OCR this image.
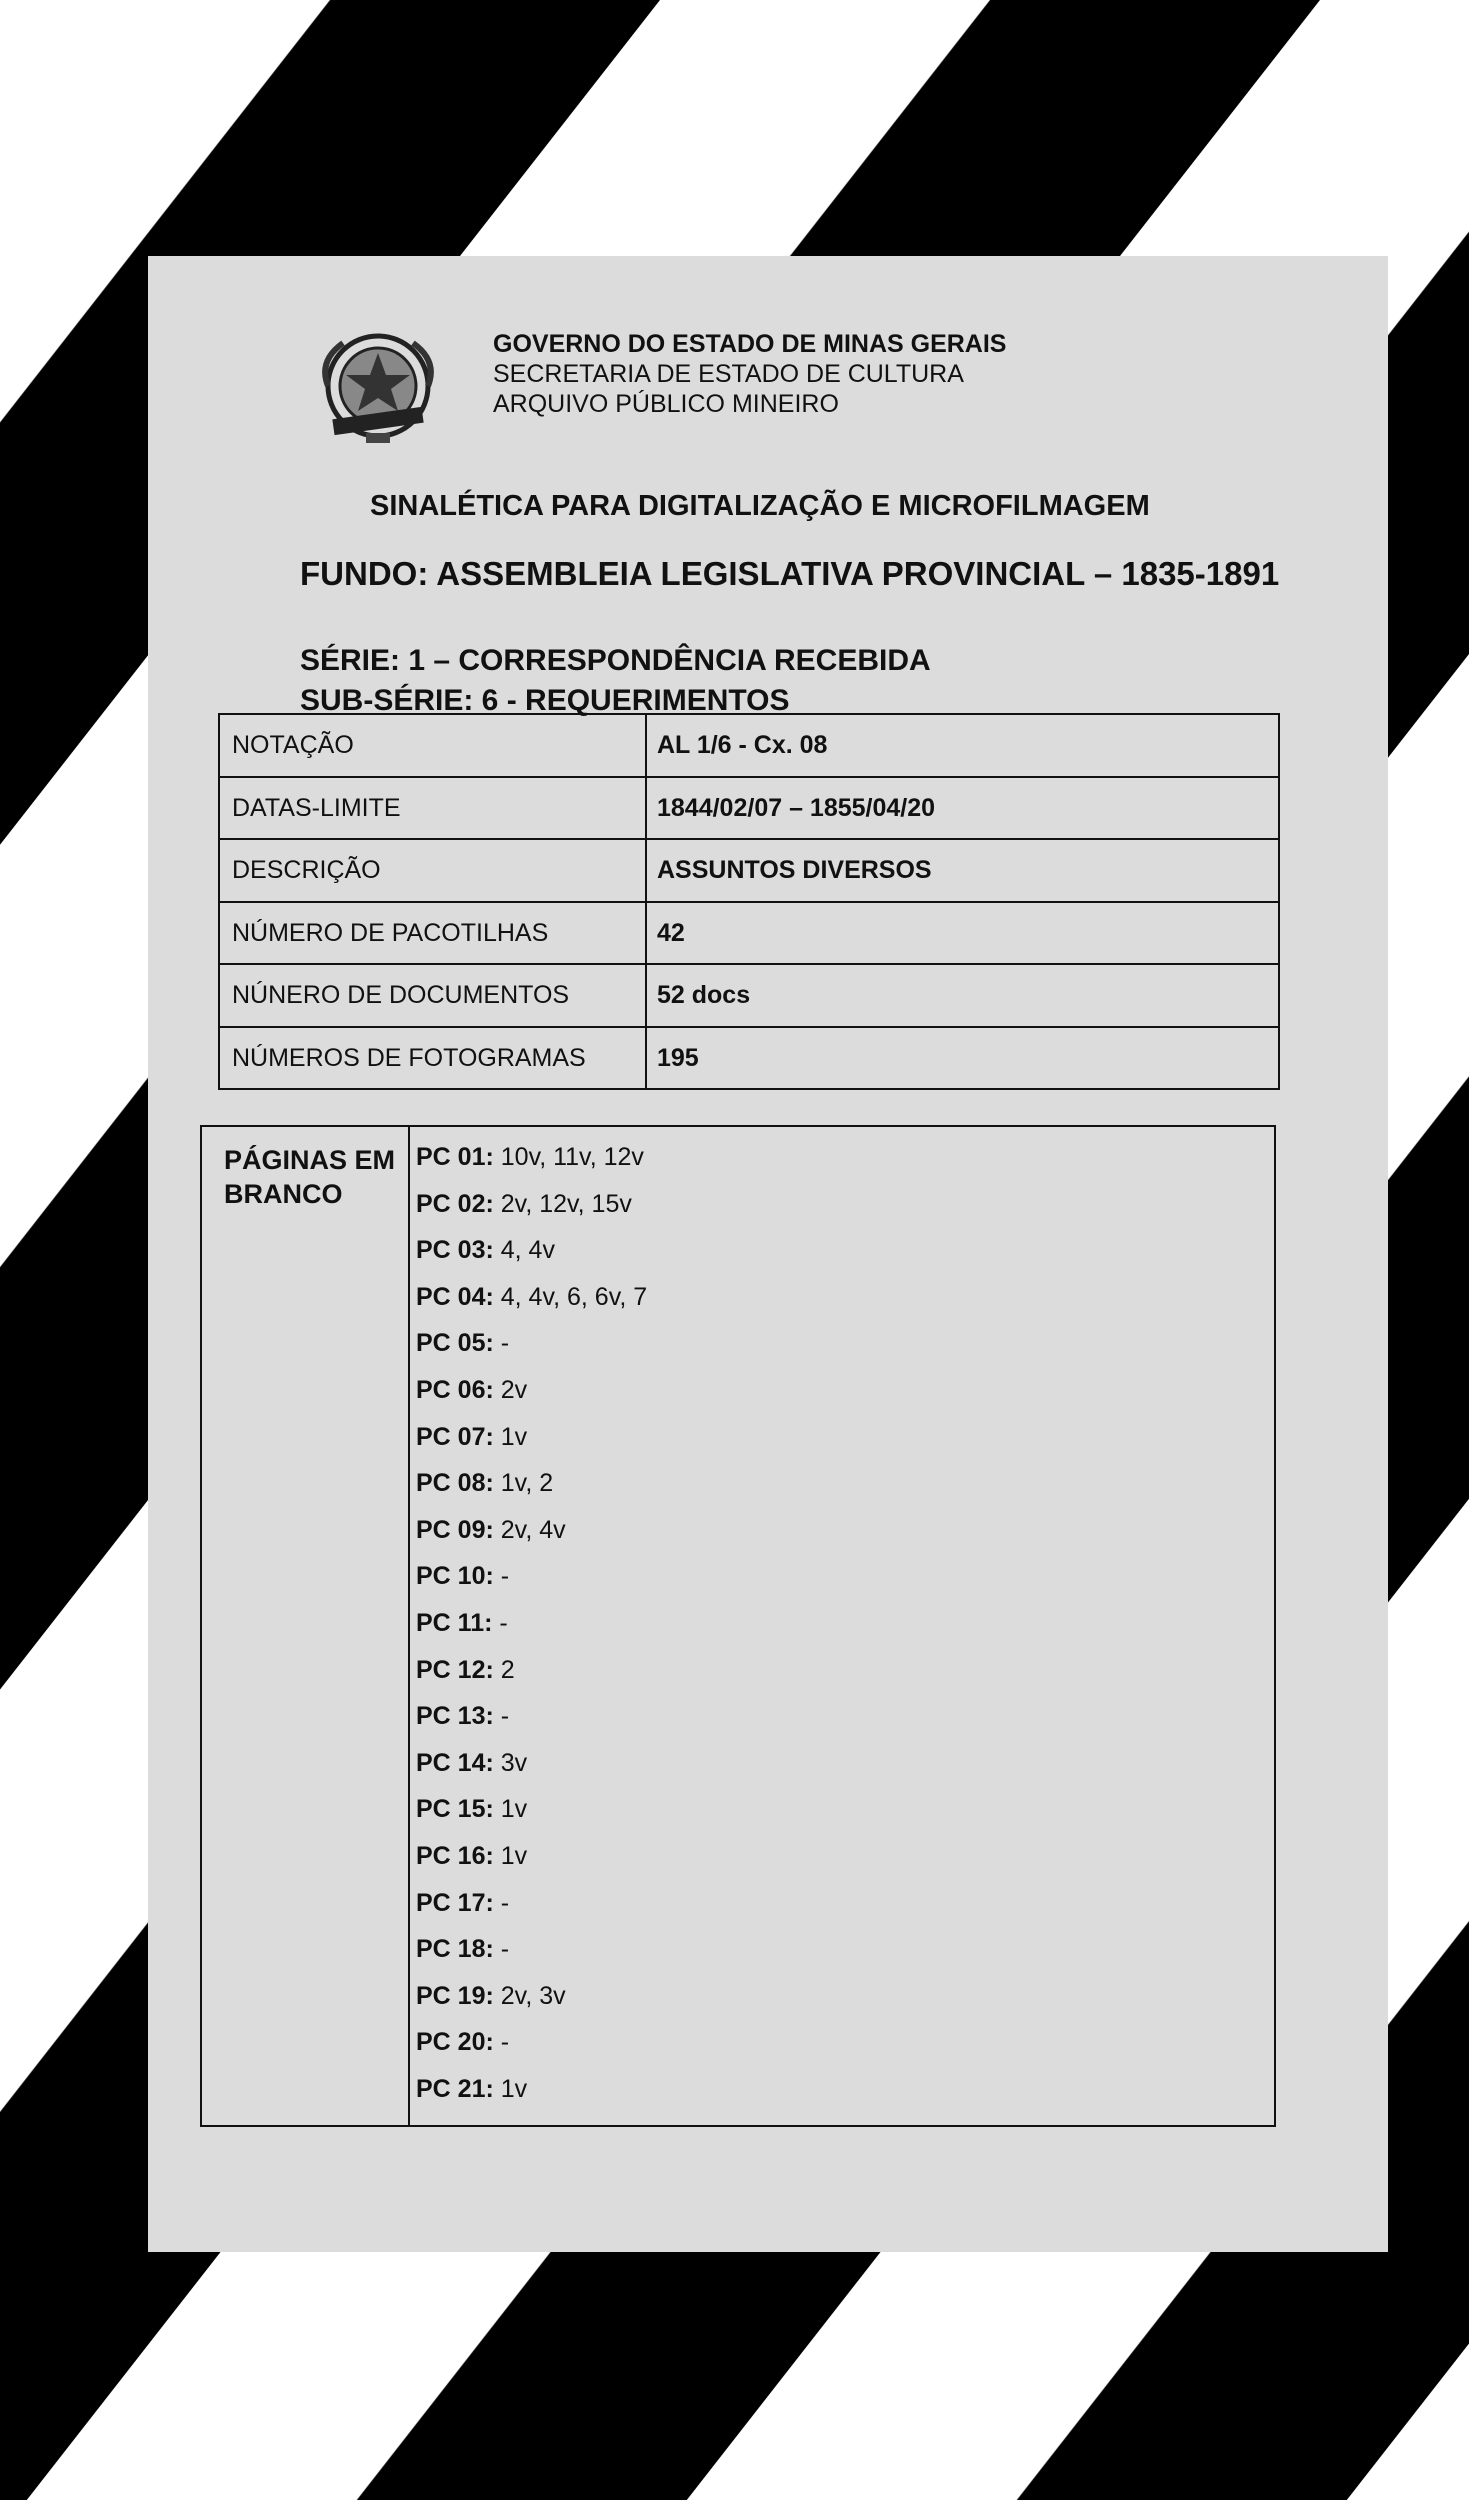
GOVERNO DO ESTADO DE MINAS GERAIS
SECRETARIA DE ESTADO DE CULTURA
ARQUIVO PÚBLICO MINEIRO
SINALÉTICA PARA DIGITALIZAÇÃO E MICROFILMAGEM
FUNDO: ASSEMBLEIA LEGISLATIVA PROVINCIAL – 1835-1891
SÉRIE: 1 – CORRESPONDÊNCIA RECEBIDA
SUB-SÉRIE: 6 - REQUERIMENTOS
NOTAÇÃO	AL 1/6 - Cx. 08
DATAS-LIMITE	1844/02/07 – 1855/04/20
DESCRIÇÃO	ASSUNTOS DIVERSOS
NÚMERO DE PACOTILHAS	42
NÚNERO DE DOCUMENTOS	52 docs
NÚMEROS DE FOTOGRAMAS	195
PÁGINAS EM BRANCO
PC 01: 10v, 11v, 12v
PC 02: 2v, 12v, 15v
PC 03: 4, 4v
PC 04: 4, 4v, 6, 6v, 7
PC 05: -
PC 06: 2v
PC 07: 1v
PC 08: 1v, 2
PC 09: 2v, 4v
PC 10: -
PC 11: -
PC 12: 2
PC 13: -
PC 14: 3v
PC 15: 1v
PC 16: 1v
PC 17: -
PC 18: -
PC 19: 2v, 3v
PC 20: -
PC 21: 1v
